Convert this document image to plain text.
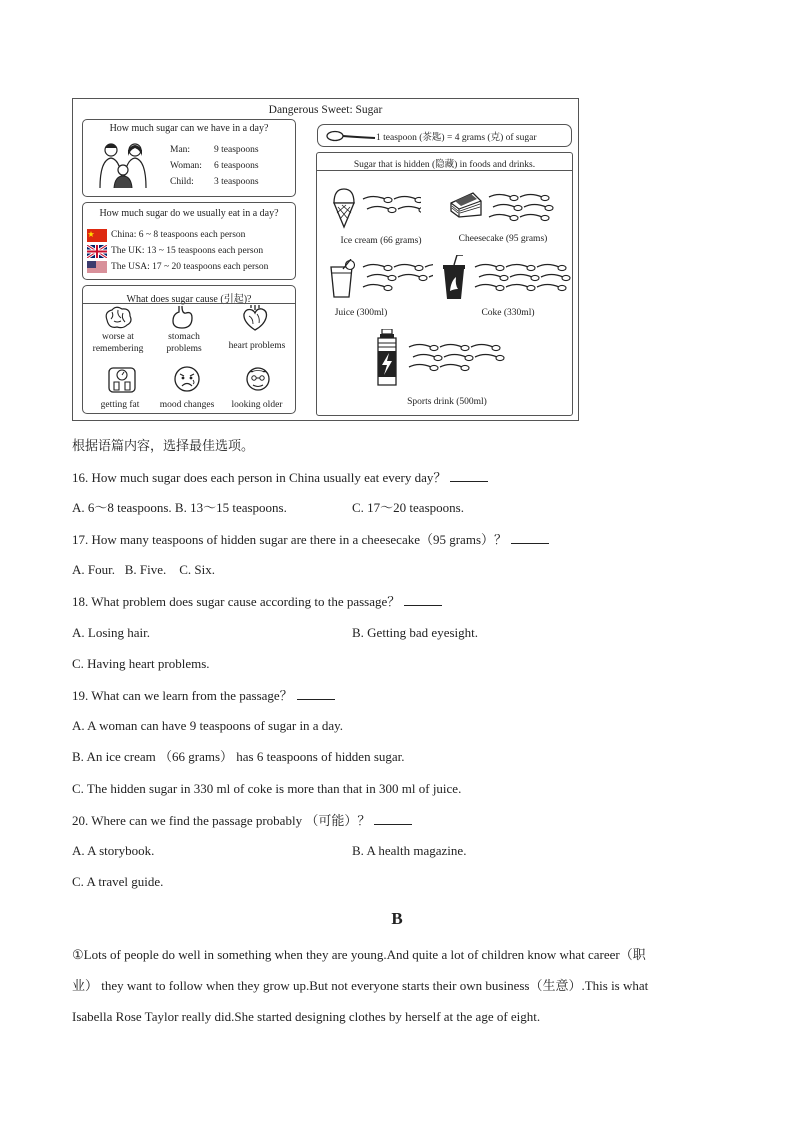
Dangerous Sweet: Sugar
How much sugar can we have in a day?
Man:	9 teaspoons
Woman: 6 teaspoons
Child: 3 teaspoons
How much sugar do we usually eat in a day?
China: 6 ~ 8 teaspoons each person
The UK: 13 ~ 15 teaspoons each person
The USA: 17 ~ 20 teaspoons each person
What does sugar cause (引起)?
worse at
remembering
stomach
problems	heart problems
getting fat	mood changes	looking older
1 teaspoon (茶匙) = 4 grams (克) of sugar
Sugar that is hidden (隐藏) in foods and drinks.
Ice cream (66 grams)	Cheesecake (95 grams)
Juice (300ml)	Coke (330ml)
Sports drink (500ml)
根据语篇内容，选择最佳选项。
16. How much sugar does each person in China usually eat every day？
A. 6～8 teaspoons. B. 13～15 teaspoons.	C. 17～20 teaspoons.
17. How many teaspoons of hidden sugar are there in a cheesecake（95 grams）？
A. Four.   B. Five.    C. Six.
18. What problem does sugar cause according to the passage？
A. Losing hair.	B. Getting bad eyesight.
C. Having heart problems.
19. What can we learn from the passage？
A. A woman can have 9 teaspoons of sugar in a day.
B. An ice cream （66 grams） has 6 teaspoons of hidden sugar.
C. The hidden sugar in 330 ml of coke is more than that in 300 ml of juice.
20. Where can we find the passage probably （可能）？
A. A storybook.	B. A health magazine.
C. A travel guide.
B
①Lots of people do well in something when they are young.And quite a lot of children know what career（职
业） they want to follow when they grow up.But not everyone starts their own business（生意）.This is what
Isabella Rose Taylor really did.She started designing clothes by herself at the age of eight.
